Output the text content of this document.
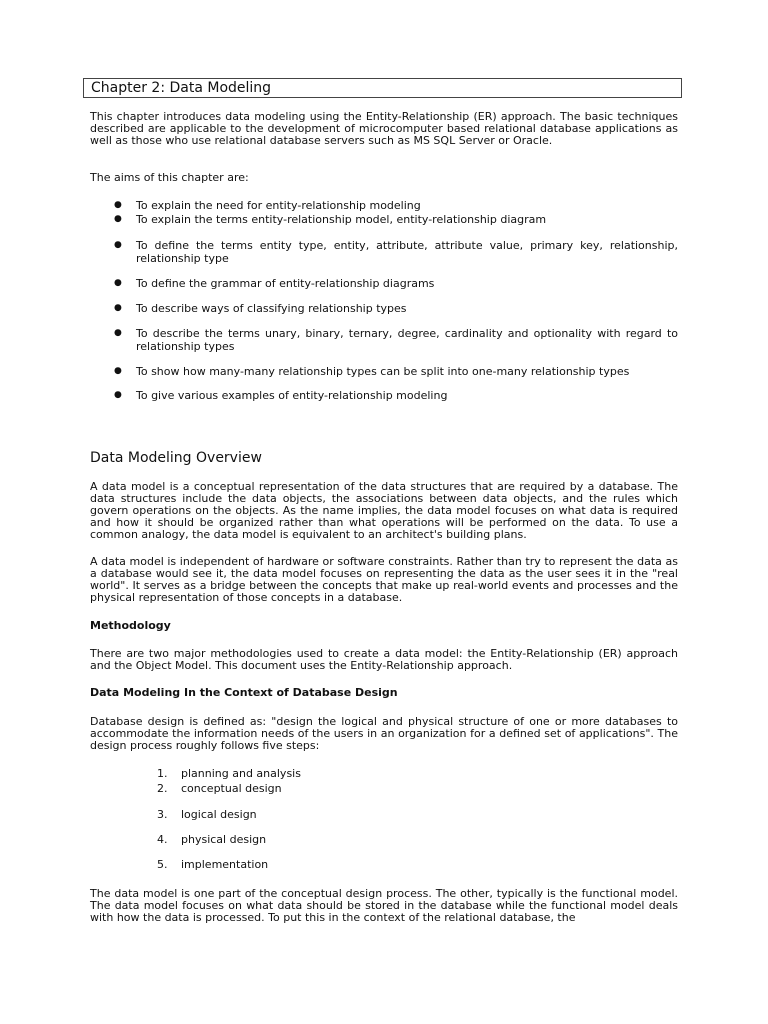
Chapter 2: Data Modeling
This chapter introduces data modeling using the Entity-Relationship (ER) approach. The basic techniques described are applicable to the development of microcomputer based relational database applications as well as those who use relational database servers such as MS SQL Server or Oracle.
The aims of this chapter are:
● To explain the need for entity-relationship modeling
● To explain the terms entity-relationship model, entity-relationship diagram
● To define the terms entity type, entity, attribute, attribute value, primary key, relationship, relationship type
● To define the grammar of entity-relationship diagrams
● To describe ways of classifying relationship types
● To describe the terms unary, binary, ternary, degree, cardinality and optionality with regard to relationship types
● To show how many-many relationship types can be split into one-many relationship types
● To give various examples of entity-relationship modeling
Data Modeling Overview
A data model is a conceptual representation of the data structures that are required by a database. The data structures include the data objects, the associations between data objects, and the rules which govern operations on the objects. As the name implies, the data model focuses on what data is required and how it should be organized rather than what operations will be performed on the data. To use a common analogy, the data model is equivalent to an architect's building plans.
A data model is independent of hardware or software constraints. Rather than try to represent the data as a database would see it, the data model focuses on representing the data as the user sees it in the "real world". It serves as a bridge between the concepts that make up real-world events and processes and the physical representation of those concepts in a database.
Methodology
There are two major methodologies used to create a data model: the Entity-Relationship (ER) approach and the Object Model. This document uses the Entity-Relationship approach.
Data Modeling In the Context of Database Design
Database design is defined as: "design the logical and physical structure of one or more databases to accommodate the information needs of the users in an organization for a defined set of applications". The design process roughly follows five steps:
1. planning and analysis
2. conceptual design
3. logical design
4. physical design
5. implementation
The data model is one part of the conceptual design process. The other, typically is the functional model. The data model focuses on what data should be stored in the database while the functional model deals with how the data is processed. To put this in the context of the relational database, the
